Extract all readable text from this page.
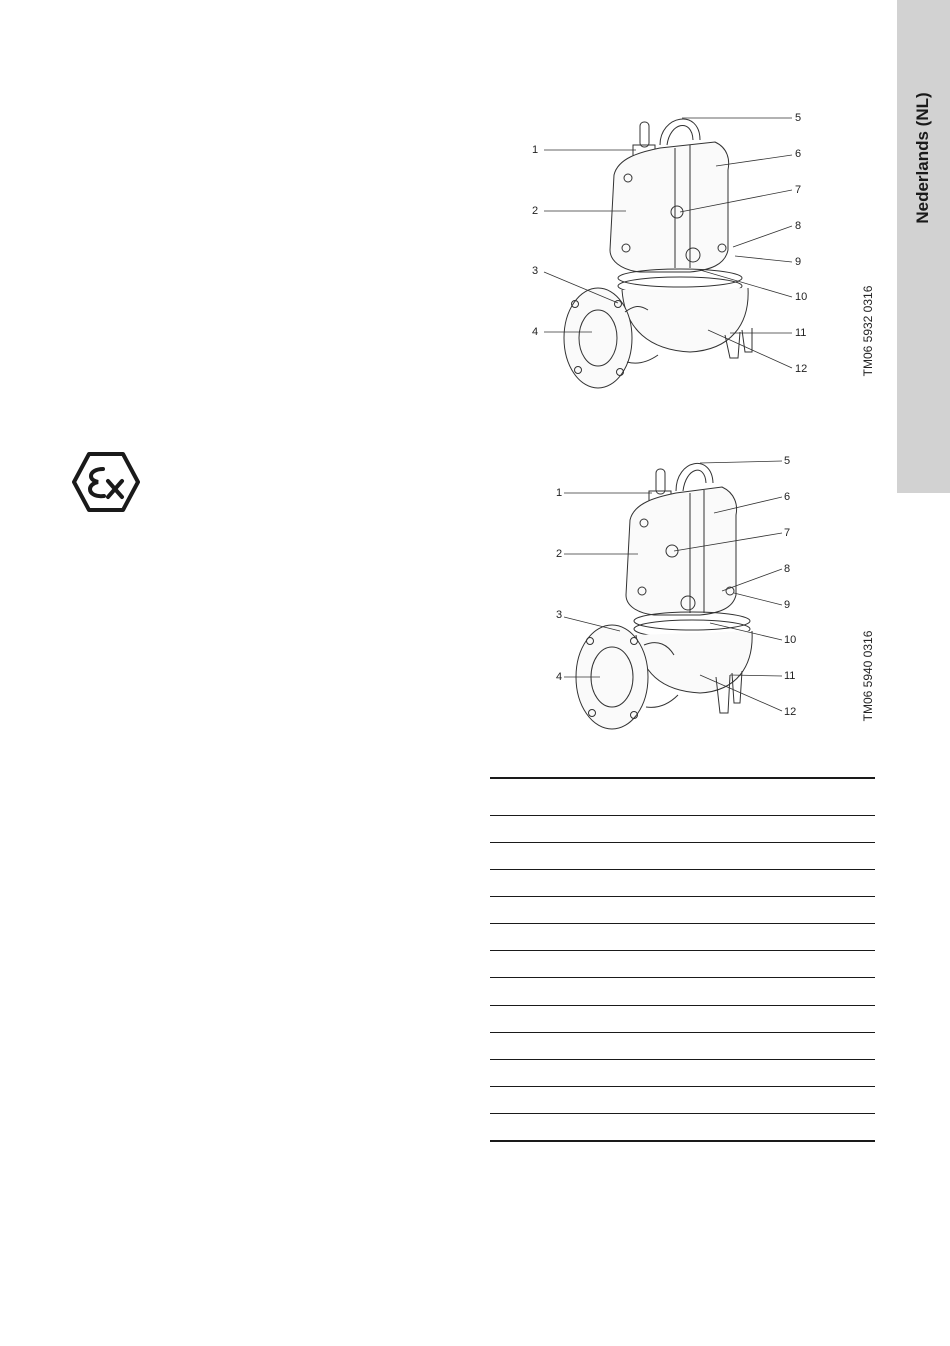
Nederlands (NL)
1
2
3
4
5
6
7
8
9
10
11
12	TM06 5932 0316
1
2
3
4
5
6
7
8
9
10
11
12	TM06 5940 0316
